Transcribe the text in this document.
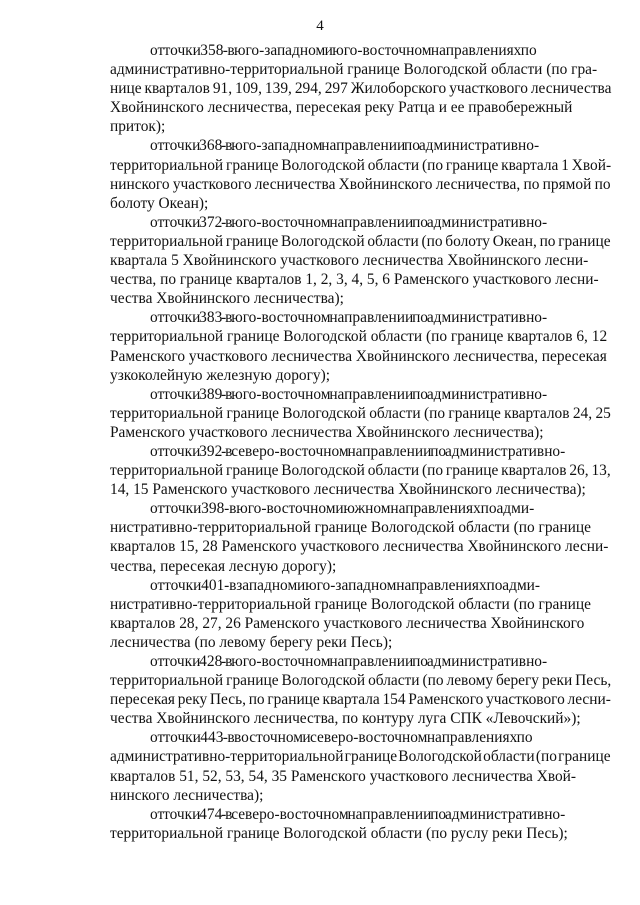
4
от точки 358 - в юго-западном и юго-восточном направлениях по
административно-территориальной границе Вологодской области (по гра-
нице кварталов 91, 109, 139, 294, 297 Жилоборского участкового лесничества
Хвойнинского лесничества, пересекая реку Ратца и ее правобережный
приток);
от точки 368 - в юго-западном направлении по административно-
территориальной границе Вологодской области (по границе квартала 1 Хвой-
нинского участкового лесничества Хвойнинского лесничества, по прямой по
болоту Океан);
от точки 372 - в юго-восточном направлении по административно-
территориальной границе Вологодской области (по болоту Океан, по границе
квартала 5 Хвойнинского участкового лесничества Хвойнинского лесни-
чества, по границе кварталов 1, 2, 3, 4, 5, 6 Раменского участкового лесни-
чества Хвойнинского лесничества);
от точки 383 - в юго-восточном направлении по административно-
территориальной границе Вологодской области (по границе кварталов 6, 12
Раменского участкового лесничества Хвойнинского лесничества, пересекая
узкоколейную железную дорогу);
от точки 389 - в юго-восточном направлении по административно-
территориальной границе Вологодской области (по границе кварталов 24, 25
Раменского участкового лесничества Хвойнинского лесничества);
от точки 392 - в северо-восточном направлении по административно-
территориальной границе Вологодской области (по границе кварталов 26, 13,
14, 15 Раменского участкового лесничества Хвойнинского лесничества);
от точки 398 - в юго-восточном и южном направлениях по адми-
нистративно-территориальной границе Вологодской области (по границе
кварталов 15, 28 Раменского участкового лесничества Хвойнинского лесни-
чества, пересекая лесную дорогу);
от точки 401 - в западном и юго-западном направлениях по адми-
нистративно-территориальной границе Вологодской области (по границе
кварталов 28, 27, 26 Раменского участкового лесничества Хвойнинского
лесничества (по левому берегу реки Песь);
от точки 428 - в юго-восточном направлении по административно-
территориальной границе Вологодской области (по левому берегу реки Песь,
пересекая реку Песь, по границе квартала 154 Раменского участкового лесни-
чества Хвойнинского лесничества, по контуру луга СПК «Левочский»);
от точки 443 - в восточном и северо-восточном направлениях по
административно-территориальной границе Вологодской области (по границе
кварталов 51, 52, 53, 54, 35 Раменского участкового лесничества Хвой-
нинского лесничества);
от точки 474 - в северо-восточном направлении по административно-
территориальной границе Вологодской области (по руслу реки Песь);
